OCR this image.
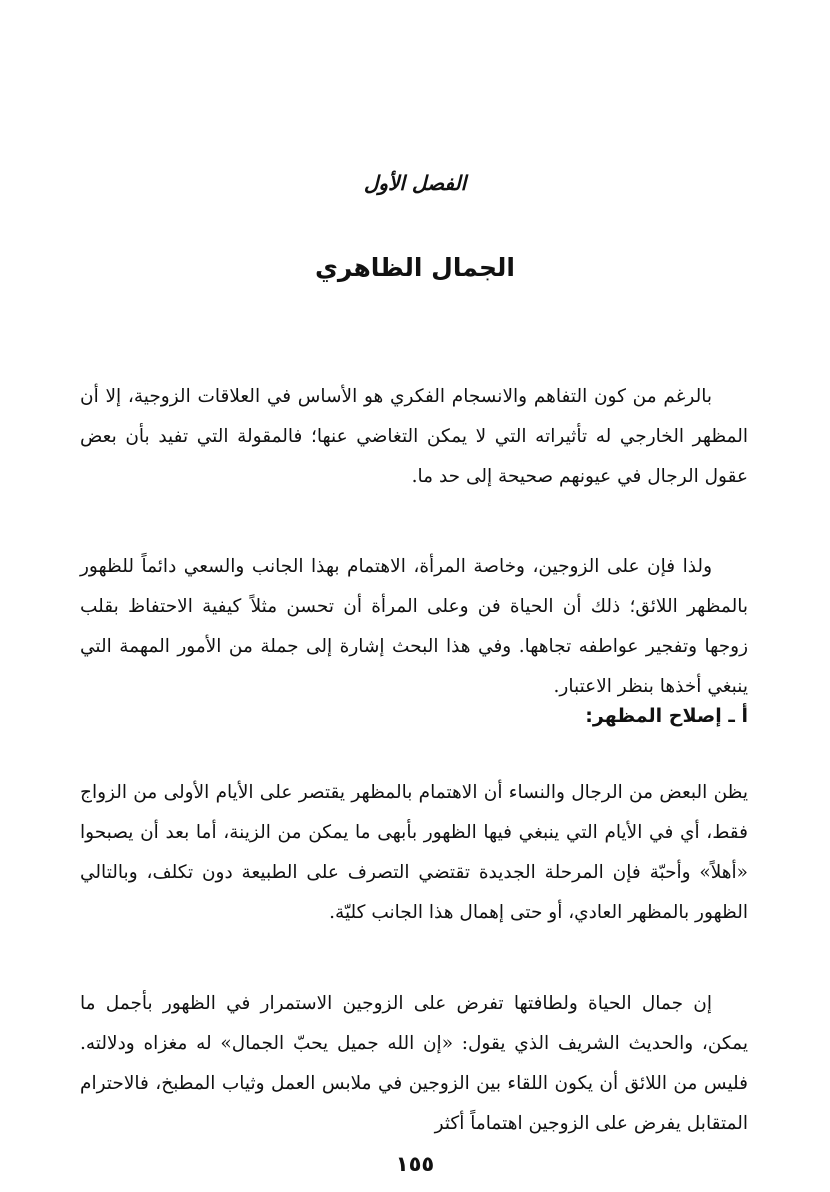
الفصل الأول
الجمال الظاهري

بالرغم من كون التفاهم والانسجام الفكري هو الأساس في العلاقات الزوجية، إلا أن المظهر الخارجي له تأثيراته التي لا يمكن التغاضي عنها؛ فالمقولة التي تفيد بأن بعض عقول الرجال في عيونهم صحيحة إلى حد ما.

ولذا فإن على الزوجين، وخاصة المرأة، الاهتمام بهذا الجانب والسعي دائماً للظهور بالمظهر اللائق؛ ذلك أن الحياة فن وعلى المرأة أن تحسن مثلاً كيفية الاحتفاظ بقلب زوجها وتفجير عواطفه تجاهها. وفي هذا البحث إشارة إلى جملة من الأمور المهمة التي ينبغي أخذها بنظر الاعتبار.

أ ـ إصلاح المظهر:

يظن البعض من الرجال والنساء أن الاهتمام بالمظهر يقتصر على الأيام الأولى من الزواج فقط، أي في الأيام التي ينبغي فيها الظهور بأبهى ما يمكن من الزينة، أما بعد أن يصبحوا «أهلاً» وأحبّة فإن المرحلة الجديدة تقتضي التصرف على الطبيعة دون تكلف، وبالتالي الظهور بالمظهر العادي، أو حتى إهمال هذا الجانب كليّة.

إن جمال الحياة ولطافتها تفرض على الزوجين الاستمرار في الظهور بأجمل ما يمكن، والحديث الشريف الذي يقول: «إن الله جميل يحبّ الجمال» له مغزاه ودلالته. فليس من اللائق أن يكون اللقاء بين الزوجين في ملابس العمل وثياب المطبخ، فالاحترام المتقابل يفرض على الزوجين اهتماماً أكثر

١٥٥
